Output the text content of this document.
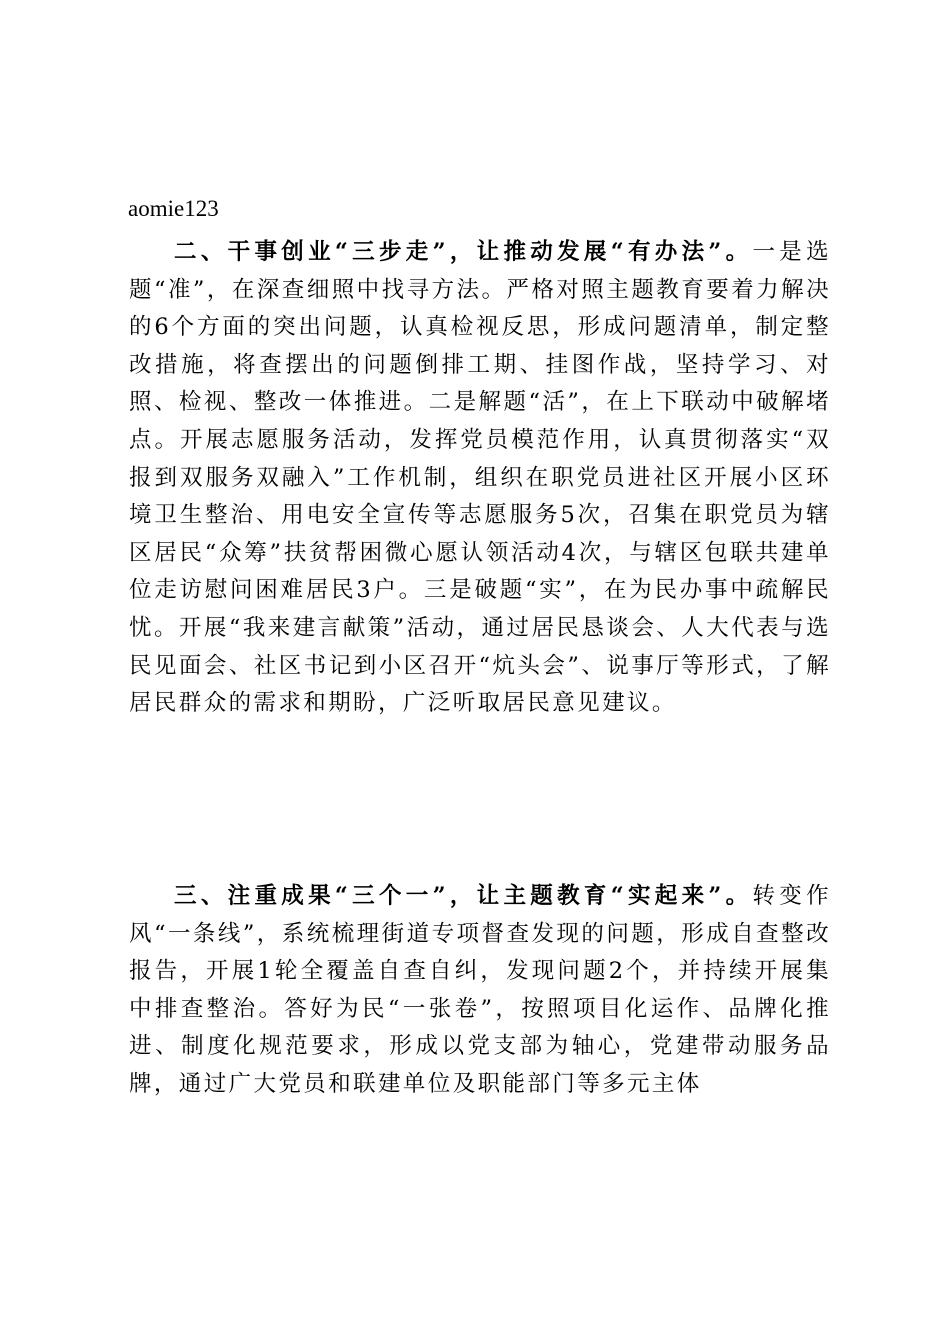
aomie123

二、干事创业“三步走”，让推动发展“有办法”。一是选题“准”，在深查细照中找寻方法。严格对照主题教育要着力解决的6个方面的突出问题，认真检视反思，形成问题清单，制定整改措施，将查摆出的问题倒排工期、挂图作战，坚持学习、对照、检视、整改一体推进。二是解题“活”，在上下联动中破解堵点。开展志愿服务活动，发挥党员模范作用，认真贯彻落实“双报到双服务双融入”工作机制，组织在职党员进社区开展小区环境卫生整治、用电安全宣传等志愿服务5次，召集在职党员为辖区居民“众筹”扶贫帮困微心愿认领活动4次，与辖区包联共建单位走访慰问困难居民3户。三是破题“实”，在为民办事中疏解民忧。开展“我来建言献策”活动，通过居民恳谈会、人大代表与选民见面会、社区书记到小区召开“炕头会”、说事厅等形式，了解居民群众的需求和期盼，广泛听取居民意见建议。

三、注重成果“三个一”，让主题教育“实起来”。转变作风“一条线”，系统梳理街道专项督查发现的问题，形成自查整改报告，开展1轮全覆盖自查自纠，发现问题2个，并持续开展集中排查整治。答好为民“一张卷”，按照项目化运作、品牌化推进、制度化规范要求，形成以党支部为轴心，党建带动服务品牌，通过广大党员和联建单位及职能部门等多元主体
